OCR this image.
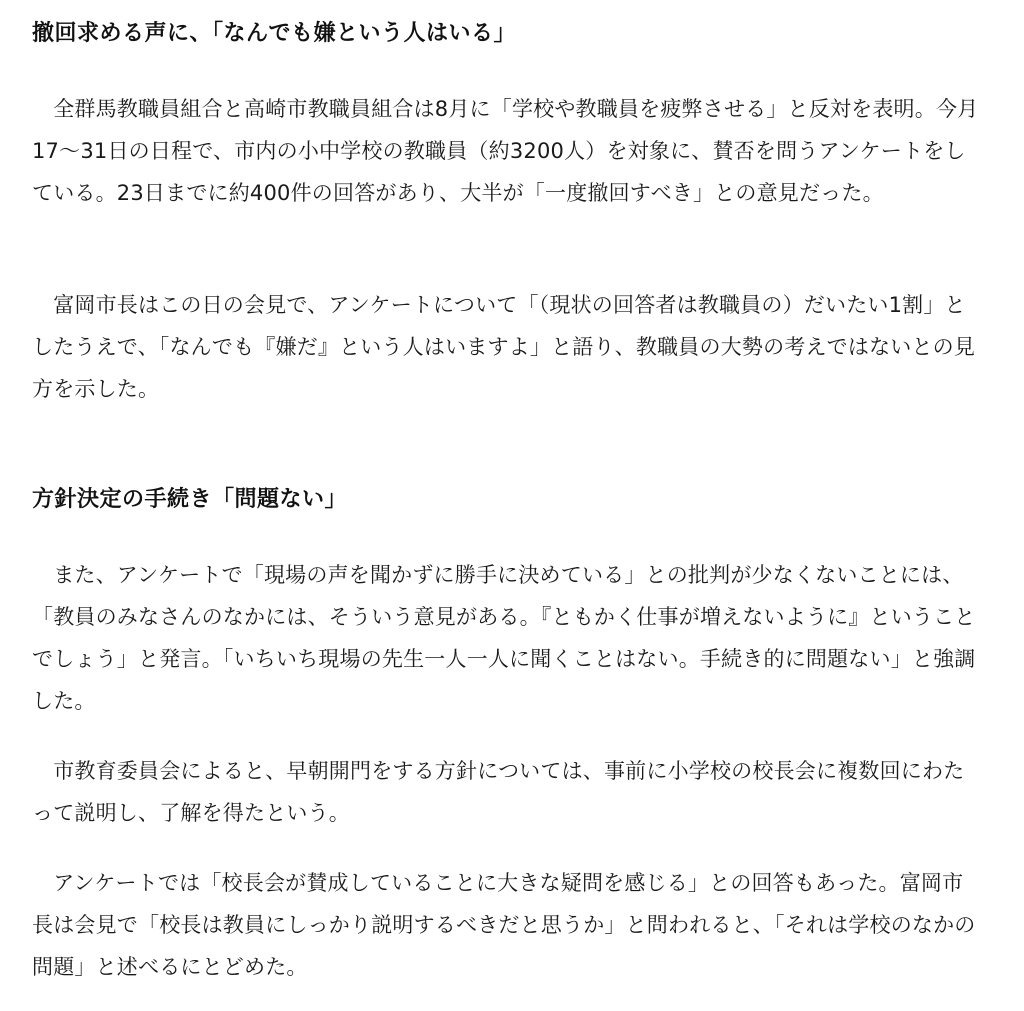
撤回求める声に、「なんでも嫌という人はいる」

　全群馬教職員組合と高崎市教職員組合は8月に「学校や教職員を疲弊させる」と反対を表明。今月17〜31日の日程で、市内の小中学校の教職員（約3200人）を対象に、賛否を問うアンケートをしている。23日までに約400件の回答があり、大半が「一度撤回すべき」との意見だった。

　富岡市長はこの日の会見で、アンケートについて「（現状の回答者は教職員の）だいたい1割」としたうえで、「なんでも『嫌だ』という人はいますよ」と語り、教職員の大勢の考えではないとの見方を示した。

方針決定の手続き「問題ない」

　また、アンケートで「現場の声を聞かずに勝手に決めている」との批判が少なくないことには、「教員のみなさんのなかには、そういう意見がある。『ともかく仕事が増えないように』ということでしょう」と発言。「いちいち現場の先生一人一人に聞くことはない。手続き的に問題ない」と強調した。

　市教育委員会によると、早朝開門をする方針については、事前に小学校の校長会に複数回にわたって説明し、了解を得たという。

　アンケートでは「校長会が賛成していることに大きな疑問を感じる」との回答もあった。富岡市長は会見で「校長は教員にしっかり説明するべきだと思うか」と問われると、「それは学校のなかの問題」と述べるにとどめた。
